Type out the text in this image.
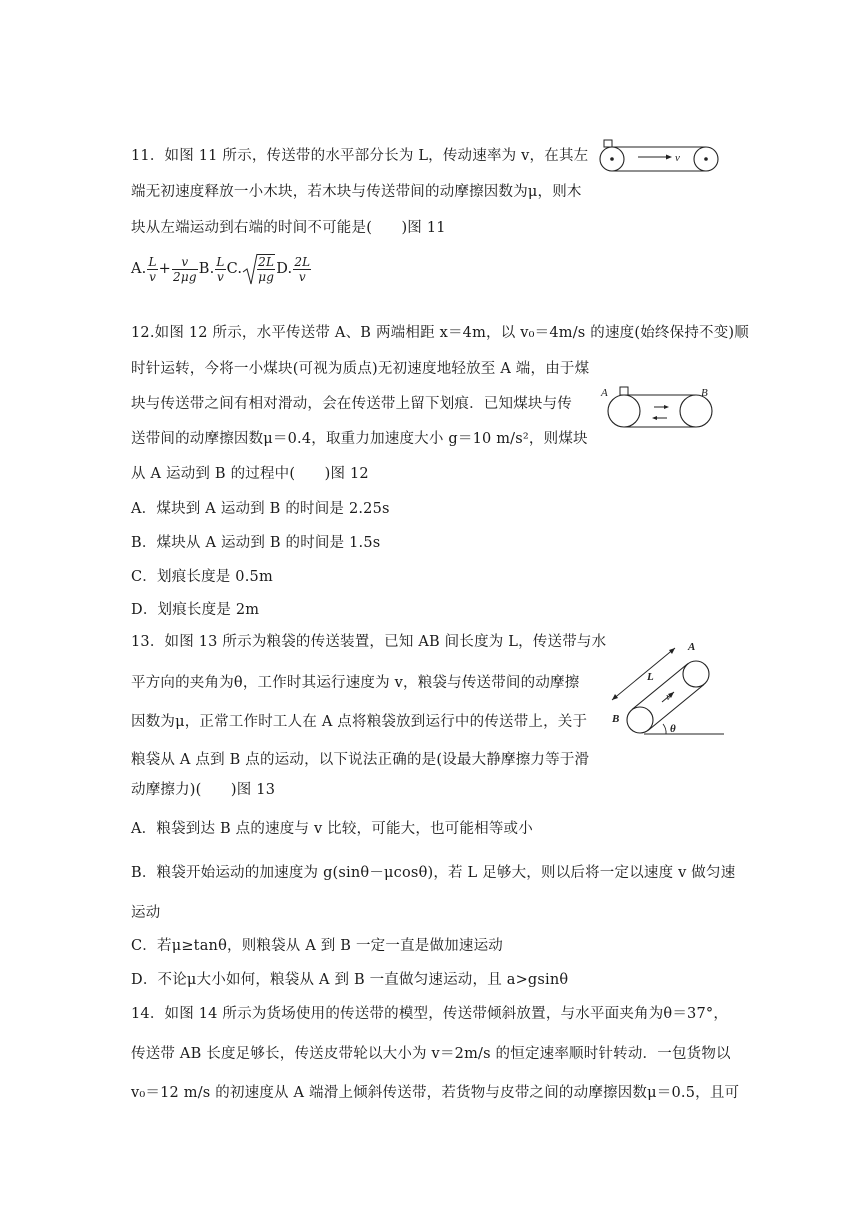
11．如图 11 所示，传送带的水平部分长为 L，传动速率为 v，在其左
端无初速度释放一小木块，若木块与传送带间的动摩擦因数为μ，则木
块从左端运动到右端的时间不可能是(　　)图 11
A. $\frac{L}{v} + \frac{v}{2\mu g} B$. $\frac{L}{v} C$. $\frac{2L}{\mu g} D$. $\frac{2L}{v}$
v
12.如图 12 所示，水平传送带 A、B 两端相距 x＝4m，以 v₀＝4m/s 的速度(始终保持不变)顺
时针运转，今将一小煤块(可视为质点)无初速度地轻放至 A 端，由于煤
块与传送带之间有相对滑动，会在传送带上留下划痕．已知煤块与传
送带间的动摩擦因数μ＝0.4，取重力加速度大小 g＝10 m/s²，则煤块
从 A 运动到 B 的过程中(　　)图 12
A．煤块到 A 运动到 B 的时间是 2.25s
B．煤块从 A 运动到 B 的时间是 1.5s
C．划痕长度是 0.5m
D．划痕长度是 2m
A	B
13．如图 13 所示为粮袋的传送装置，已知 AB 间长度为 L，传送带与水
平方向的夹角为θ，工作时其运行速度为 v，粮袋与传送带间的动摩擦
因数为μ，正常工作时工人在 A 点将粮袋放到运行中的传送带上，关于
粮袋从 A 点到 B 点的运动，以下说法正确的是(设最大静摩擦力等于滑
动摩擦力)(　　)图 13
A．粮袋到达 B 点的速度与 v 比较，可能大，也可能相等或小
B．粮袋开始运动的加速度为 g(sinθ－μcosθ)，若 L 足够大，则以后将一定以速度 v 做匀速
运动
C．若μ≥tanθ，则粮袋从 A 到 B 一定一直是做加速运动
D．不论μ大小如何，粮袋从 A 到 B 一直做匀速运动，且 a>gsinθ
A
B
L
v
θ
14．如图 14 所示为货场使用的传送带的模型，传送带倾斜放置，与水平面夹角为θ＝37°，
传送带 AB 长度足够长，传送皮带轮以大小为 v＝2m/s 的恒定速率顺时针转动．一包货物以
v₀＝12 m/s 的初速度从 A 端滑上倾斜传送带，若货物与皮带之间的动摩擦因数μ＝0.5，且可
